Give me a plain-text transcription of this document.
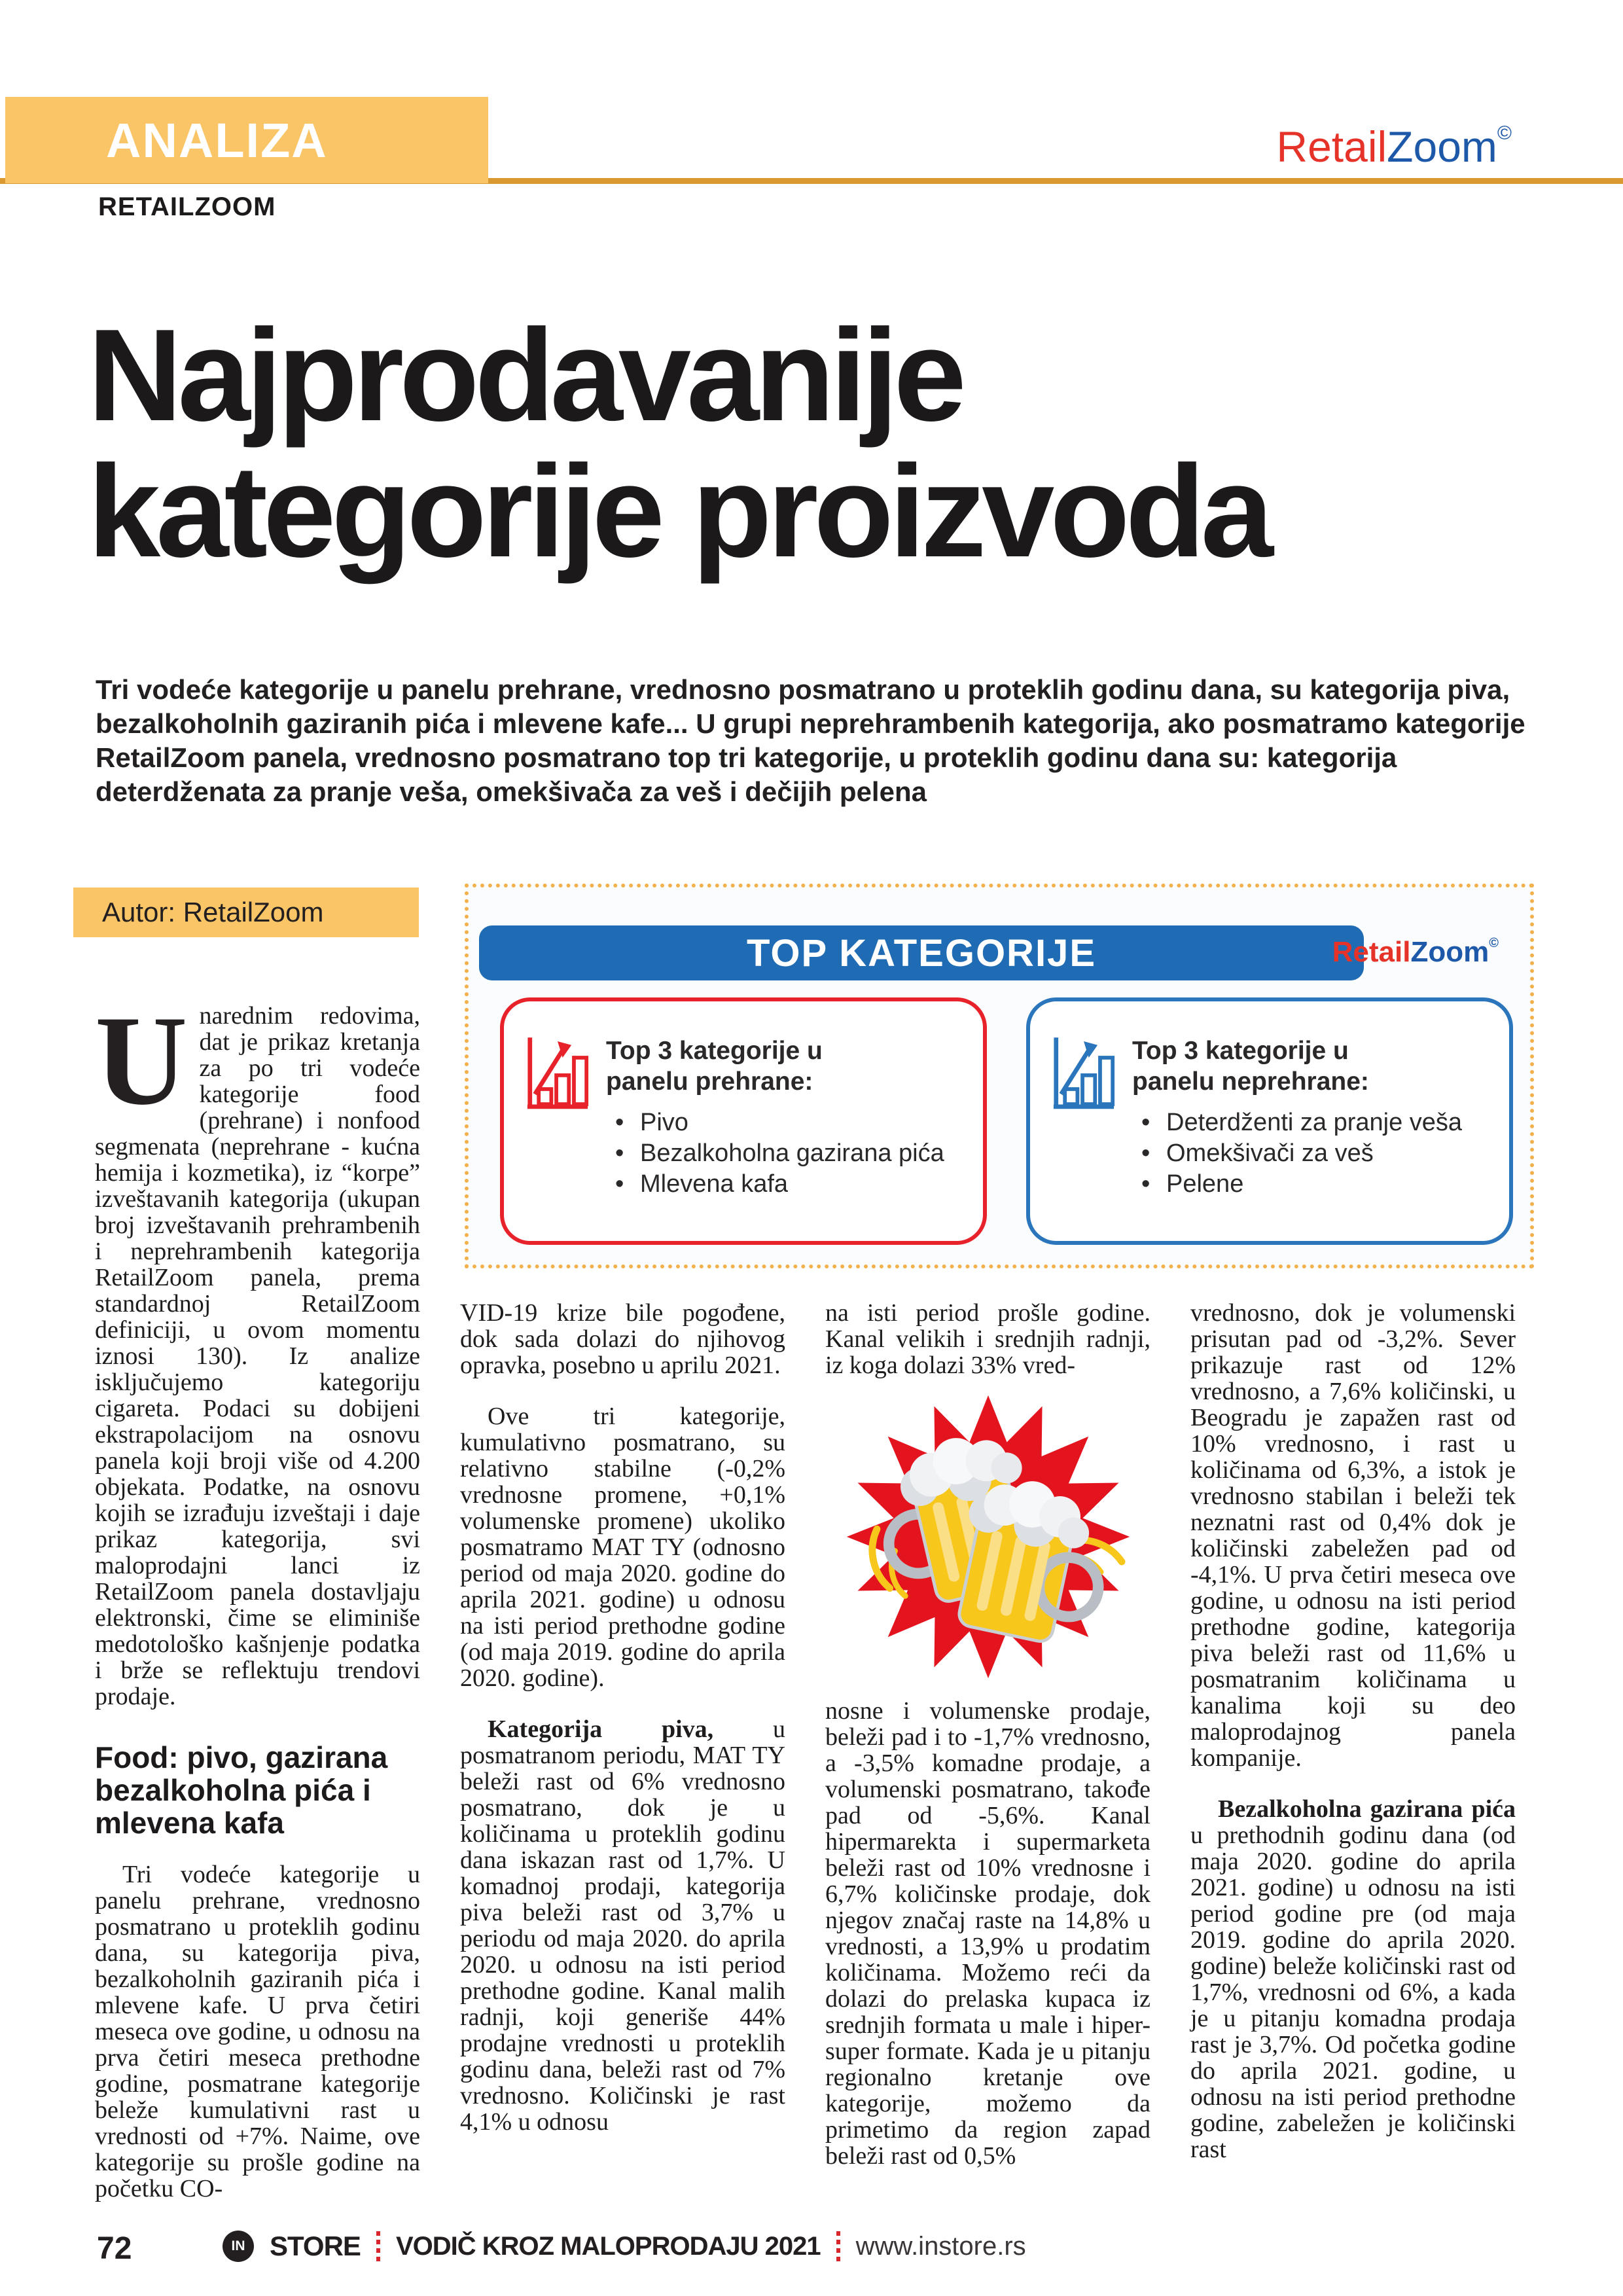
ANALIZA	RetailZoom©
RETAILZOOM
Najprodavanije
kategorije proizvoda

Tri vodeće kategorije u panelu prehrane, vrednosno posmatrano u proteklih godinu dana, su kategorija piva, bezalkoholnih gaziranih pića i mlevene kafe... U grupi neprehrambenih kategorija, ako posmatramo kategorije RetailZoom panela, vrednosno posmatrano top tri kategorije, u proteklih godinu dana su: kategorija deterdženata za pranje veša, omekšivača za veš i dečijih pelena

Autor: RetailZoom
TOP KATEGORIJE	RetailZoom©
Top 3 kategorije u panelu prehrane:
• Pivo
• Bezalkoholna gazirana pića
• Mlevena kafa
Top 3 kategorije u panelu neprehrane:
• Deterdženti za pranje veša
• Omekšivači za veš
• Pelene

Unarednim redovima, dat je prikaz kretanja za po tri vodeće kategorije food (prehrane) i nonfood segmenata (neprehrane - kućna hemija i kozmetika), iz “korpe” izveštavanih kategorija (ukupan broj izveštavanih prehrambenih i neprehrambenih kategorija RetailZoom panela, prema standardnoj RetailZoom definiciji, u ovom momentu iznosi 130). Iz analize isključujemo kategoriju cigareta. Podaci su dobijeni ekstrapolacijom na osnovu panela koji broji više od 4.200 objekata. Podatke, na osnovu kojih se izrađuju izveštaji i daje prikaz kategorija, svi maloprodajni lanci iz RetailZoom panela dostavljaju elektronski, čime se eliminiše medotološko kašnjenje podatka i brže se reflektuju trendovi prodaje.

Food: pivo, gazirana bezalkoholna pića i mlevena kafa

Tri vodeće kategorije u panelu prehrane, vrednosno posmatrano u proteklih godinu dana, su kategorija piva, bezalkoholnih gaziranih pića i mlevene kafe. U prva četiri meseca ove godine, u odnosu na prva četiri meseca prethodne godine, posmatrane kategorije beleže kumulativni rast u vrednosti od +7%. Naime, ove kategorije su prošle godine na početku CO-

VID-19 krize bile pogođene, dok sada dolazi do njihovog opravka, posebno u aprilu 2021.

Ove tri kategorije, kumulativno posmatrano, su relativno stabilne (-0,2% vrednosne promene, +0,1% volumenske promene) ukoliko posmatramo MAT TY (odnosno period od maja 2020. godine do aprila 2021. godine) u odnosu na isti period prethodne godine (od maja 2019. godine do aprila 2020. godine).

Kategorija piva, u posmatranom periodu, MAT TY beleži rast od 6% vrednosno posmatrano, dok je u količinama u proteklih godinu dana iskazan rast od 1,7%. U komadnoj prodaji, kategorija piva beleži rast od 3,7% u periodu od maja 2020. do aprila 2020. u odnosu na isti period prethodne godine. Kanal malih radnji, koji generiše 44% prodajne vrednosti u proteklih godinu dana, beleži rast od 7% vrednosno. Količinski je rast 4,1% u odnosu

na isti period prošle godine. Kanal velikih i srednjih radnji, iz koga dolazi 33% vred-

nosne i volumenske prodaje, beleži pad i to -1,7% vrednosno, a -3,5% komadne prodaje, a volumenski posmatrano, takođe pad od -5,6%. Kanal hipermarekta i supermarketa beleži rast od 10% vrednosne i 6,7% količinske prodaje, dok njegov značaj raste na 14,8% u vrednosti, a 13,9% u prodatim količinama. Možemo reći da dolazi do prelaska kupaca iz srednjih formata u male i hiper-super formate. Kada je u pitanju regionalno kretanje ove kategorije, možemo da primetimo da region zapad beleži rast od 0,5%

vrednosno, dok je volumenski prisutan pad od -3,2%. Sever prikazuje rast od 12% vrednosno, a 7,6% količinski, u Beogradu je zapažen rast od 10% vrednosno, i rast u količinama od 6,3%, a istok je vrednosno stabilan i beleži tek neznatni rast od 0,4% dok je količinski zabeležen pad od -4,1%. U prva četiri meseca ove godine, u odnosu na isti period prethodne godine, kategorija piva beleži rast od 11,6% u posmatranim količinama u kanalima koji su deo maloprodajnog panela kompanije.

Bezalkoholna gazirana pića u prethodnih godinu dana (od maja 2020. godine do aprila 2021. godine) u odnosu na isti period godine pre (od maja 2019. godine do aprila 2020. godine) beleže količinski rast od 1,7%, vrednosni od 6%, a kada je u pitanju komadna prodaja rast je 3,7%. Od početka godine do aprila 2021. godine, u odnosu na isti period prethodne godine, zabeležen je količinski rast

72	IN STORE VODIČ KROZ MALOPRODAJU 2021 www.instore.rs
